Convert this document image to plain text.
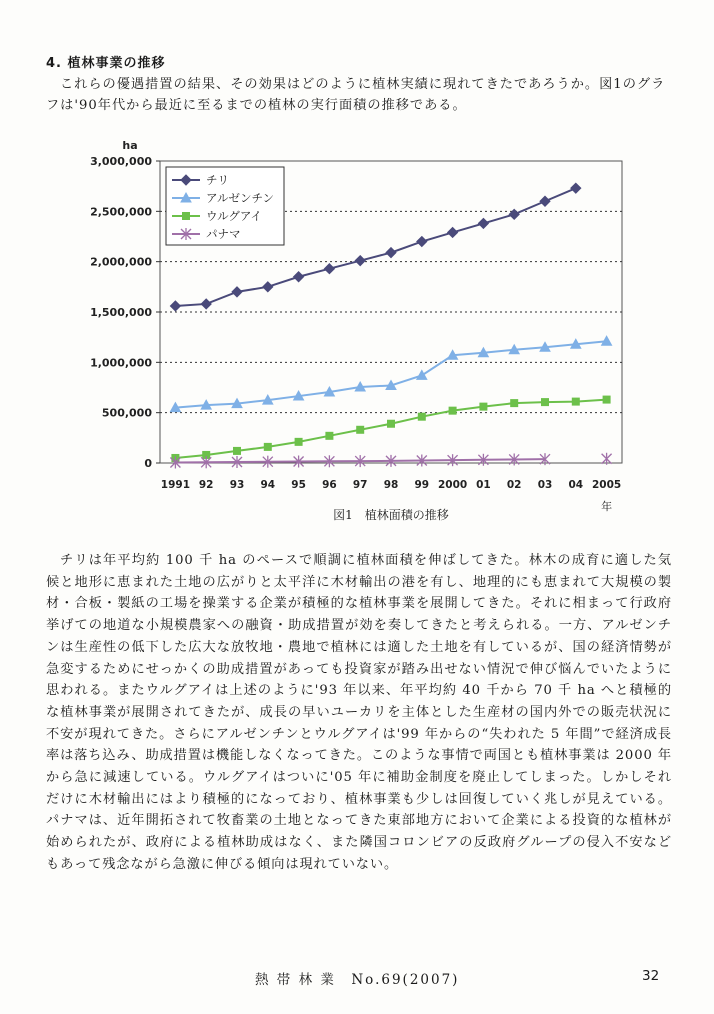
4. 植林事業の推移

これらの優遇措置の結果、その効果はどのように植林実績に現れてきたであろうか。図1のグラフは'90年代から最近に至るまでの植林の実行面積の推移である。

0
500,000
1,000,000
1,500,000
2,000,000
2,500,000
3,000,000
ha
1991 92 93 94 95 96 97 98 99 2000 01 02 03 04 2005
年
図1　植林面積の推移
チリ
アルゼンチン
ウルグアイ
パナマ

チリは年平均約 100 千 ha のペースで順調に植林面積を伸ばしてきた。林木の成育に適した気候と地形に恵まれた土地の広がりと太平洋に木材輸出の港を有し、地理的にも恵まれて大規模の製材・合板・製紙の工場を操業する企業が積極的な植林事業を展開してきた。それに相まって行政府挙げての地道な小規模農家への融資・助成措置が効を奏してきたと考えられる。一方、アルゼンチンは生産性の低下した広大な放牧地・農地で植林には適した土地を有しているが、国の経済情勢が急変するためにせっかくの助成措置があっても投資家が踏み出せない情況で伸び悩んでいたように思われる。またウルグアイは上述のように'93 年以来、年平均約 40 千から 70 千 ha へと積極的な植林事業が展開されてきたが、成長の早いユーカリを主体とした生産材の国内外での販売状況に不安が現れてきた。さらにアルゼンチンとウルグアイは'99 年からの“失われた 5 年間”で経済成長率は落ち込み、助成措置は機能しなくなってきた。このような事情で両国とも植林事業は 2000 年から急に減速している。ウルグアイはついに'05 年に補助金制度を廃止してしまった。しかしそれだけに木材輸出にはより積極的になっており、植林事業も少しは回復していく兆しが見えている。パナマは、近年開拓されて牧畜業の土地となってきた東部地方において企業による投資的な植林が始められたが、政府による植林助成はなく、また隣国コロンビアの反政府グループの侵入不安などもあって残念ながら急激に伸びる傾向は現れていない。

熱 帯 林 業　No.69(2007)	32
